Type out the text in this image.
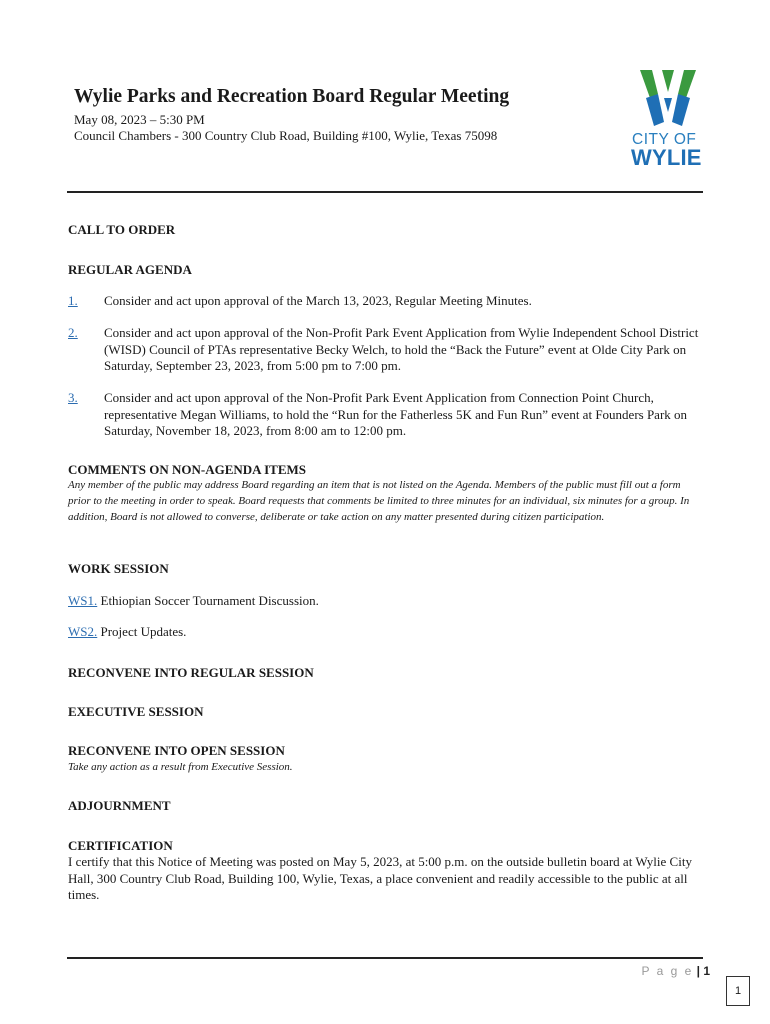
Wylie Parks and Recreation Board Regular Meeting
May 08, 2023 – 5:30 PM
Council Chambers - 300 Country Club Road, Building #100, Wylie, Texas 75098	CITY OF
WYLIE
CALL TO ORDER
REGULAR AGENDA
1. Consider and act upon approval of the March 13, 2023, Regular Meeting Minutes.
2. Consider and act upon approval of the Non-Profit Park Event Application from Wylie Independent School District (WISD) Council of PTAs representative Becky Welch, to hold the “Back the Future” event at Olde City Park on Saturday, September 23, 2023, from 5:00 pm to 7:00 pm.
3. Consider and act upon approval of the Non-Profit Park Event Application from Connection Point Church, representative Megan Williams, to hold the “Run for the Fatherless 5K and Fun Run” event at Founders Park on Saturday, November 18, 2023, from 8:00 am to 12:00 pm.
COMMENTS ON NON-AGENDA ITEMS
Any member of the public may address Board regarding an item that is not listed on the Agenda. Members of the public must fill out a form prior to the meeting in order to speak. Board requests that comments be limited to three minutes for an individual, six minutes for a group. In addition, Board is not allowed to converse, deliberate or take action on any matter presented during citizen participation.
WORK SESSION
WS1. Ethiopian Soccer Tournament Discussion.
WS2. Project Updates.
RECONVENE INTO REGULAR SESSION
EXECUTIVE SESSION
RECONVENE INTO OPEN SESSION
Take any action as a result from Executive Session.
ADJOURNMENT
CERTIFICATION
I certify that this Notice of Meeting was posted on May 5, 2023, at 5:00 p.m. on the outside bulletin board at Wylie City Hall, 300 Country Club Road, Building 100, Wylie, Texas, a place convenient and readily accessible to the public at all times.
P a g e | 1
1
